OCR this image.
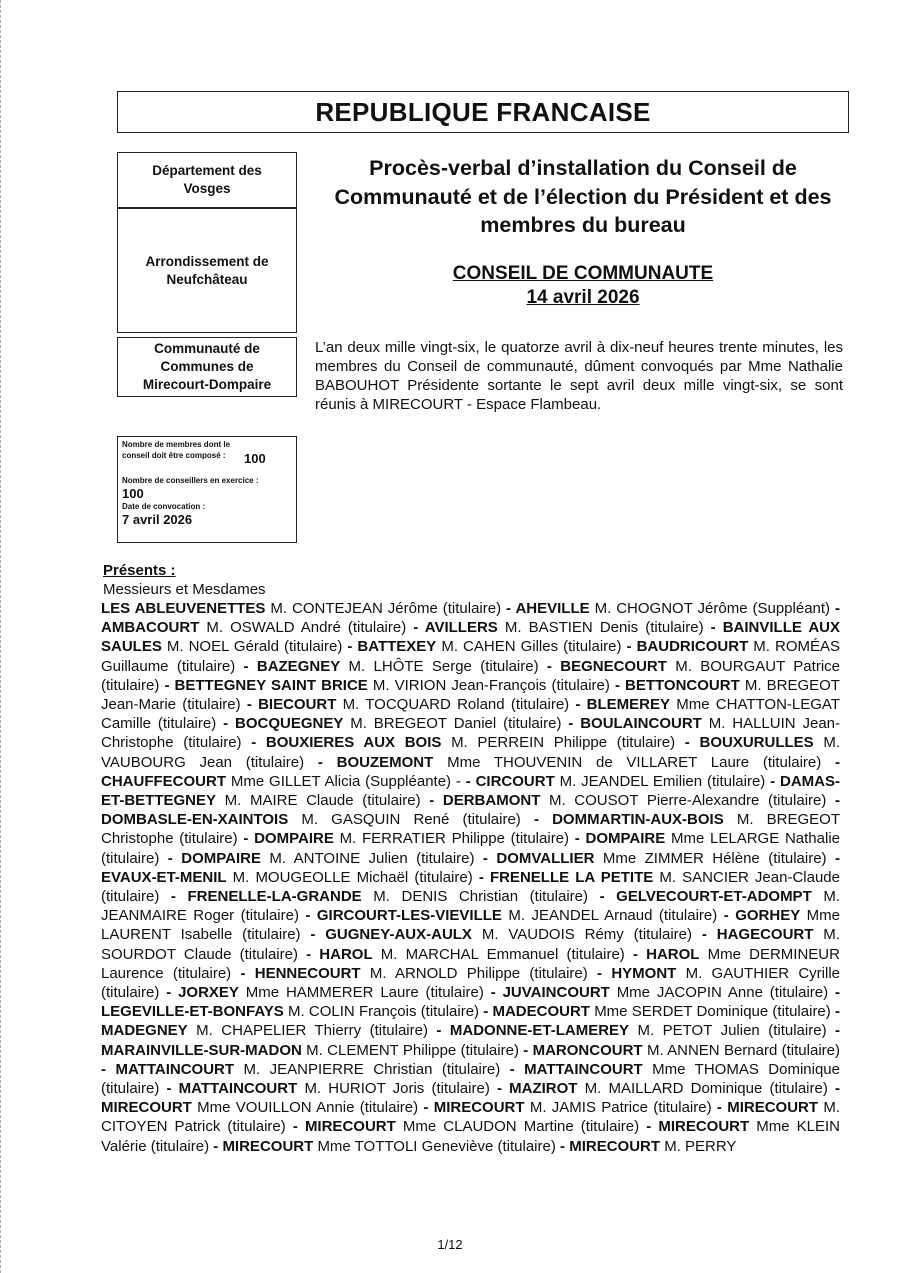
REPUBLIQUE FRANCAISE
Département des
Vosges
Arrondissement de
Neufchâteau
Communauté de
Communes de
Mirecourt-Dompaire
Nombre de membres dont le conseil doit être composé :	100
Nombre de conseillers en exercice :
100
Date de convocation :
7 avril 2026
Procès-verbal d’installation du Conseil de Communauté et de l’élection du Président et des membres du bureau
CONSEIL DE COMMUNAUTE
14 avril 2026
L’an deux mille vingt-six, le quatorze avril à dix-neuf heures trente minutes, les membres du Conseil de communauté, dûment convoqués par Mme Nathalie BABOUHOT Présidente sortante le sept avril deux mille vingt-six, se sont réunis à MIRECOURT - Espace Flambeau.
Présents :
Messieurs et Mesdames
LES ABLEUVENETTES M. CONTEJEAN Jérôme (titulaire) - AHEVILLE M. CHOGNOT Jérôme (Suppléant) - AMBACOURT M. OSWALD André (titulaire) - AVILLERS M. BASTIEN Denis (titulaire) - BAINVILLE AUX SAULES M. NOEL Gérald (titulaire) - BATTEXEY M. CAHEN Gilles (titulaire) - BAUDRICOURT M. ROMÉAS Guillaume (titulaire) - BAZEGNEY M. LHÔTE Serge (titulaire) - BEGNECOURT M. BOURGAUT Patrice (titulaire) - BETTEGNEY SAINT BRICE M. VIRION Jean-François (titulaire) - BETTONCOURT M. BREGEOT Jean-Marie (titulaire) - BIECOURT M. TOCQUARD Roland (titulaire) - BLEMEREY Mme CHATTON-LEGAT Camille (titulaire) - BOCQUEGNEY M. BREGEOT Daniel (titulaire) - BOULAINCOURT M. HALLUIN Jean-Christophe (titulaire) - BOUXIERES AUX BOIS M. PERREIN Philippe (titulaire) - BOUXURULLES M. VAUBOURG Jean (titulaire) - BOUZEMONT Mme THOUVENIN de VILLARET Laure (titulaire) - CHAUFFECOURT Mme GILLET Alicia (Suppléante) - - CIRCOURT M. JEANDEL Emilien (titulaire) - DAMAS-ET-BETTEGNEY M. MAIRE Claude (titulaire) - DERBAMONT M. COUSOT Pierre-Alexandre (titulaire) - DOMBASLE-EN-XAINTOIS M. GASQUIN René (titulaire) - DOMMARTIN-AUX-BOIS M. BREGEOT Christophe (titulaire) - DOMPAIRE M. FERRATIER Philippe (titulaire) - DOMPAIRE Mme LELARGE Nathalie (titulaire) - DOMPAIRE M. ANTOINE Julien (titulaire) - DOMVALLIER Mme ZIMMER Hélène (titulaire) - EVAUX-ET-MENIL M. MOUGEOLLE Michaël (titulaire) - FRENELLE LA PETITE M. SANCIER Jean-Claude (titulaire) - FRENELLE-LA-GRANDE M. DENIS Christian (titulaire) - GELVECOURT-ET-ADOMPT M. JEANMAIRE Roger (titulaire) - GIRCOURT-LES-VIEVILLE M. JEANDEL Arnaud (titulaire) - GORHEY Mme LAURENT Isabelle (titulaire) - GUGNEY-AUX-AULX M. VAUDOIS Rémy (titulaire) - HAGECOURT M. SOURDOT Claude (titulaire) - HAROL M. MARCHAL Emmanuel (titulaire) - HAROL Mme DERMINEUR Laurence (titulaire) - HENNECOURT M. ARNOLD Philippe (titulaire) - HYMONT M. GAUTHIER Cyrille (titulaire) - JORXEY Mme HAMMERER Laure (titulaire) - JUVAINCOURT Mme JACOPIN Anne (titulaire) - LEGEVILLE-ET-BONFAYS M. COLIN François (titulaire) - MADECOURT Mme SERDET Dominique (titulaire) - MADEGNEY M. CHAPELIER Thierry (titulaire) - MADONNE-ET-LAMEREY M. PETOT Julien (titulaire) - MARAINVILLE-SUR-MADON M. CLEMENT Philippe (titulaire) - MARONCOURT M. ANNEN Bernard (titulaire) - MATTAINCOURT M. JEANPIERRE Christian (titulaire) - MATTAINCOURT Mme THOMAS Dominique (titulaire) - MATTAINCOURT M. HURIOT Joris (titulaire) - MAZIROT M. MAILLARD Dominique (titulaire) - MIRECOURT Mme VOUILLON Annie (titulaire) - MIRECOURT M. JAMIS Patrice (titulaire) - MIRECOURT M. CITOYEN Patrick (titulaire) - MIRECOURT Mme CLAUDON Martine (titulaire) - MIRECOURT Mme KLEIN Valérie (titulaire) - MIRECOURT Mme TOTTOLI Geneviève (titulaire) - MIRECOURT M. PERRY
1/12
